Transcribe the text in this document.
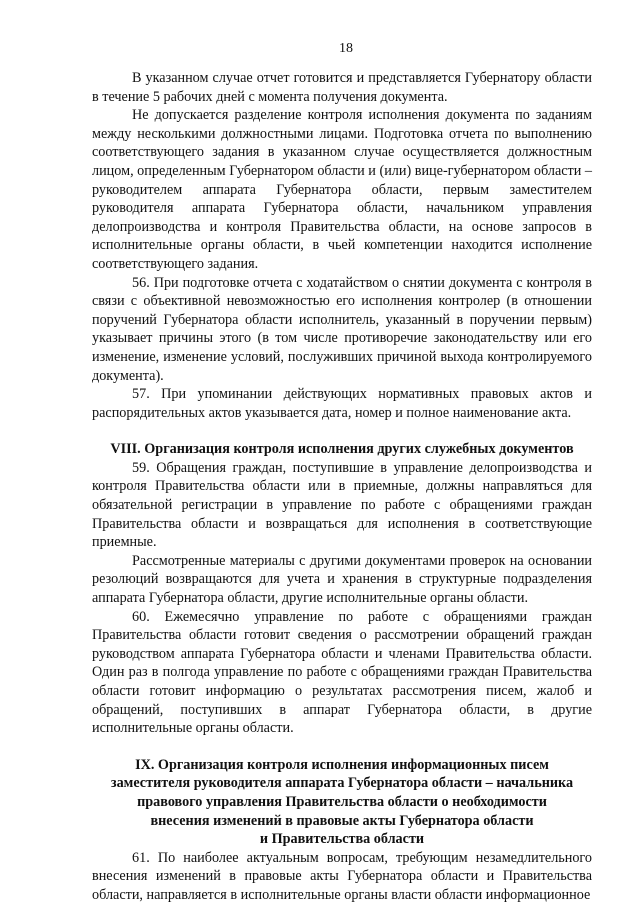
18

В указанном случае отчет готовится и представляется Губернатору области в течение 5 рабочих дней с момента получения документа.

Не допускается разделение контроля исполнения документа по заданиям между несколькими должностными лицами. Подготовка отчета по выполнению соответствующего задания в указанном случае осуществляется должностным лицом, определенным Губернатором области и (или) вице-губернатором области – руководителем аппарата Губернатора области, первым заместителем руководителя аппарата Губернатора области, начальником управления делопроизводства и контроля Правительства области, на основе запросов в исполнительные органы области, в чьей компетенции находится исполнение соответствующего задания.

56. При подготовке отчета с ходатайством о снятии документа с контроля в связи с объективной невозможностью его исполнения контролер (в отношении поручений Губернатора области исполнитель, указанный в поручении первым) указывает причины этого (в том числе противоречие законодательству или его изменение, изменение условий, послуживших причиной выхода контролируемого документа).

57. При упоминании действующих нормативных правовых актов и распорядительных актов указывается дата, номер и полное наименование акта.

VIII. Организация контроля исполнения других служебных документов

59. Обращения граждан, поступившие в управление делопроизводства и контроля Правительства области или в приемные, должны направляться для обязательной регистрации в управление по работе с обращениями граждан Правительства области и возвращаться для исполнения в соответствующие приемные.

Рассмотренные материалы с другими документами проверок на основании резолюций возвращаются для учета и хранения в структурные подразделения аппарата Губернатора области, другие исполнительные органы области.

60. Ежемесячно управление по работе с обращениями граждан Правительства области готовит сведения о рассмотрении обращений граждан руководством аппарата Губернатора области и членами Правительства области. Один раз в полгода управление по работе с обращениями граждан Правительства области готовит информацию о результатах рассмотрения писем, жалоб и обращений, поступивших в аппарат Губернатора области, в другие исполнительные органы области.

IX. Организация контроля исполнения информационных писем
заместителя руководителя аппарата Губернатора области – начальника
правового управления Правительства области о необходимости
внесения изменений в правовые акты Губернатора области
и Правительства области

61. По наиболее актуальным вопросам, требующим незамедлительного внесения изменений в правовые акты Губернатора области и Правительства области, направляется в исполнительные органы власти области информационное
